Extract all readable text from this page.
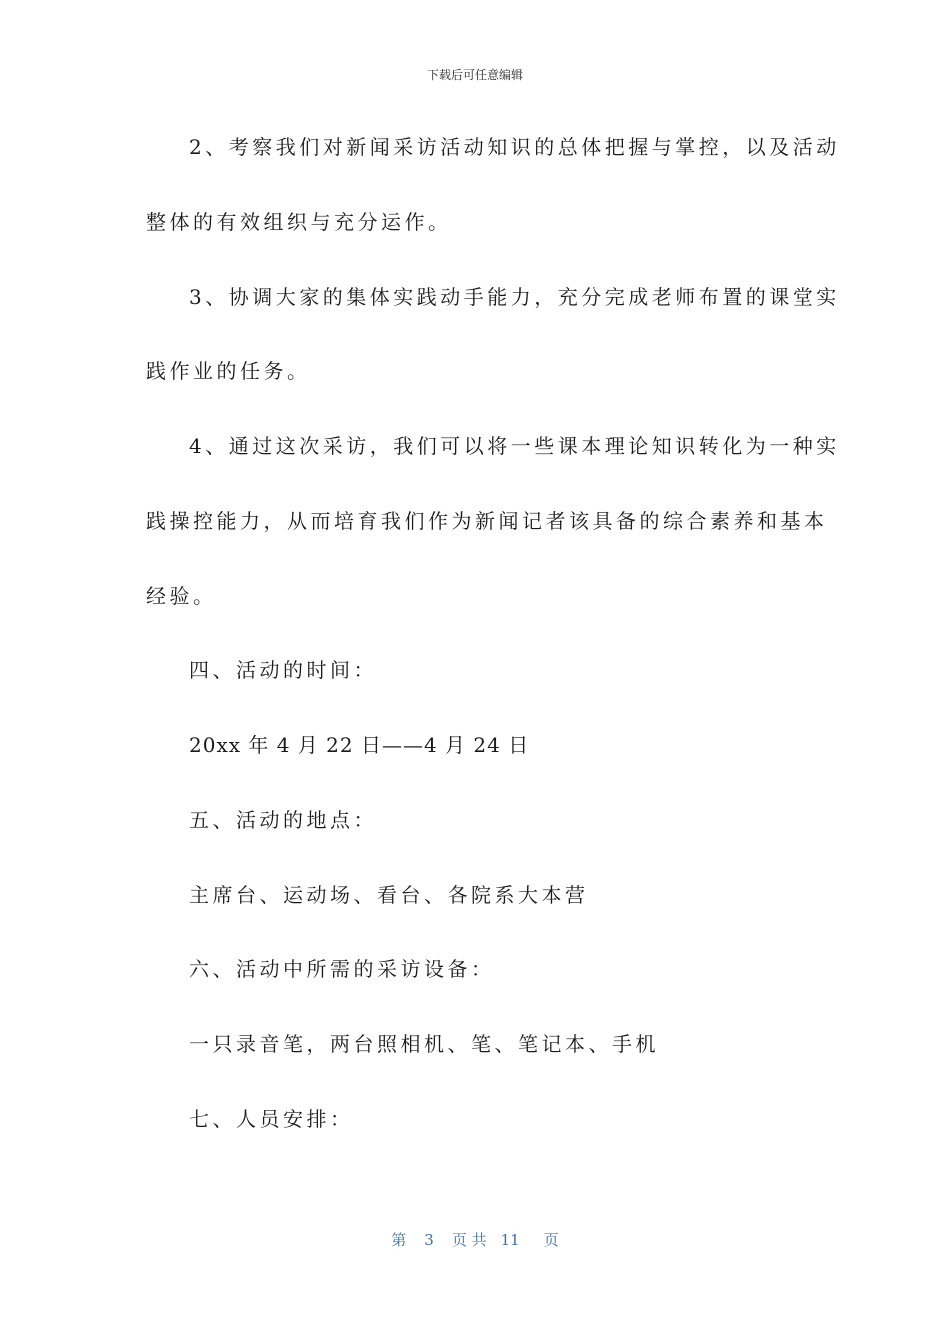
下载后可任意编辑
2、考察我们对新闻采访活动知识的总体把握与掌控，以及活动
整体的有效组织与充分运作。
3、协调大家的集体实践动手能力，充分完成老师布置的课堂实
践作业的任务。
4、通过这次采访，我们可以将一些课本理论知识转化为一种实
践操控能力，从而培育我们作为新闻记者该具备的综合素养和基本
经验。
四、活动的时间：
20xx 年 4 月 22 日——4 月 24 日
五、活动的地点：
主席台、运动场、看台、各院系大本营
六、活动中所需的采访设备：
一只录音笔，两台照相机、笔、笔记本、手机
七、人员安排：
第 3 页 共 11 页
